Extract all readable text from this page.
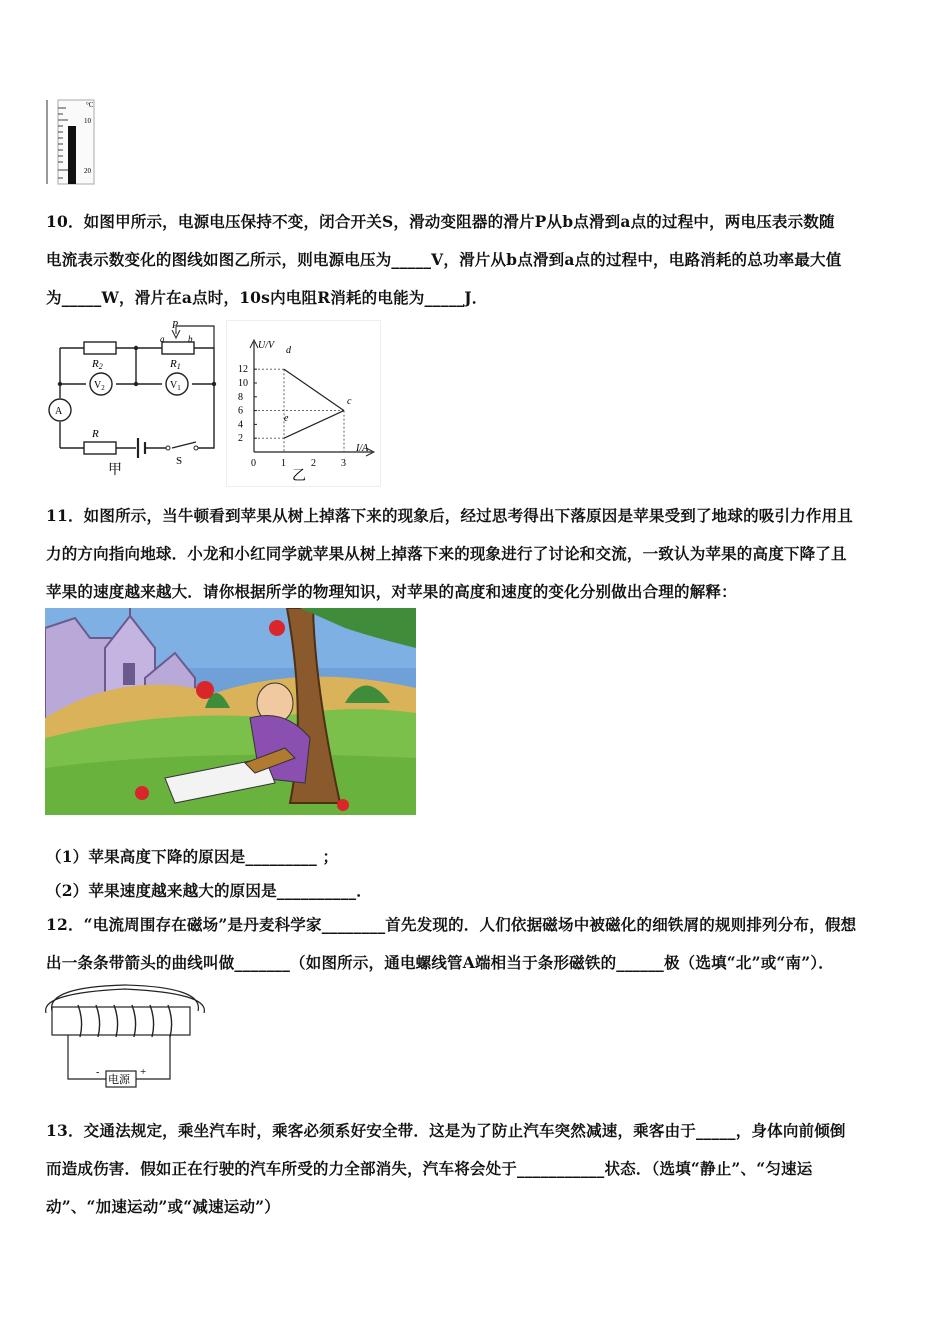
°C
10
20
10．如图甲所示，电源电压保持不变，闭合开关S，滑动变阻器的滑片P从b点滑到a点的过程中，两电压表示数随
电流表示数变化的图线如图乙所示，则电源电压为_____V，滑片从b点滑到a点的过程中，电路消耗的总功率最大值
为_____W，滑片在a点时，10s内电阻R消耗的电能为_____J．
R2	R1
R
P
a	b
$V_2$	$V_1$
A
S
甲
12
10
8
6
4
2
0	1	2	3
U/V
I/A
d
c
e
乙
11．如图所示，当牛顿看到苹果从树上掉落下来的现象后，经过思考得出下落原因是苹果受到了地球的吸引力作用且
力的方向指向地球．小龙和小红同学就苹果从树上掉落下来的现象进行了讨论和交流，一致认为苹果的高度下降了且
苹果的速度越来越大．请你根据所学的物理知识，对苹果的高度和速度的变化分别做出合理的解释：
（1）苹果高度下降的原因是_________ ；
（2）苹果速度越来越大的原因是__________．
12．“电流周围存在磁场”是丹麦科学家________首先发现的．人们依据磁场中被磁化的细铁屑的规则排列分布，假想
出一条条带箭头的曲线叫做_______（如图所示，通电螺线管A端相当于条形磁铁的______极（选填“北”或“南”）．
电源
-	+
13．交通法规定，乘坐汽车时，乘客必须系好安全带．这是为了防止汽车突然减速，乘客由于_____，身体向前倾倒
而造成伤害．假如正在行驶的汽车所受的力全部消失，汽车将会处于___________状态．（选填“静止”、“匀速运
动”、“加速运动”或“减速运动”）
